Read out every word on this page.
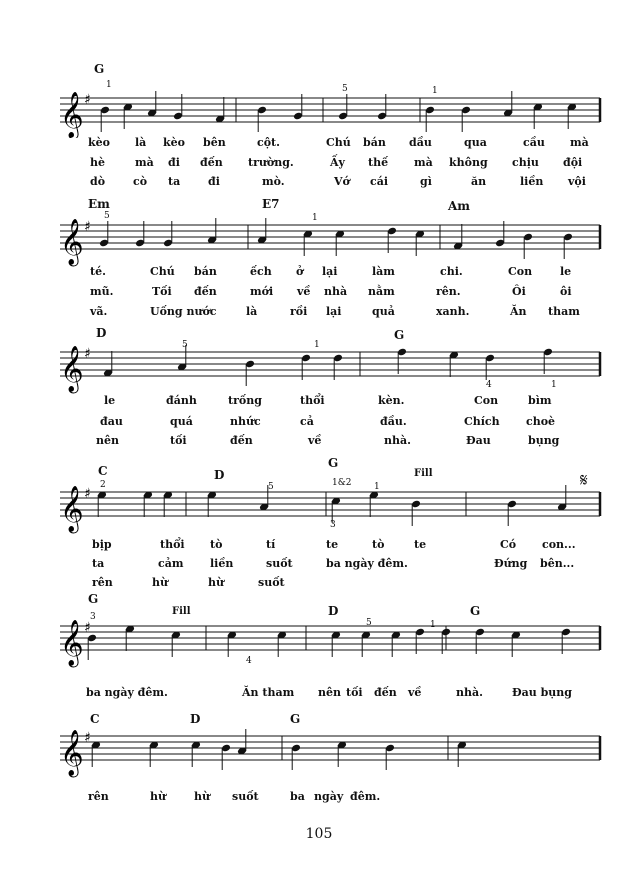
𝄞 ♯
G
1	5	1
kèo là kèo bên	cột.	Chú bán dầu	qua	cầu mà
hè	mà đi đến trường.	Ấy thế mà không chịu đội
dò	cò ta	đi	mò.	Vớ cái	gì	ăn	liền vội
𝄞 ♯
Em	E7	Am
5	1
té.	Chú bán	ếch ở lại	làm	chi.	Con	le
mũ.	Tối đến	mới về nhà nằm	rên.	Ôi	ôi
vã.	Uống nước	là	rồi lại	quả	xanh.	Ăn tham
𝄞 ♯
D	G
5	1
4	1
le	đánh	trống	thổi	kèn.	Con	bìm
đau	quá	nhức	cả	đầu.	Chích choè
nên	tối	đến	về	nhà.	Đau	bụng
𝄞 ♯
C	D
G
1&2
Fill	𝄋
2	5	1
3
bịp	thổi tò	tí	te	tò	te	Có con...
ta	cảm liền	suốt	ba ngày đêm.	Đứng bên...
rên	hừ	hừ	suốt
𝄞 ♯
G
D	G
Fill
3
4
5	1
ba ngày đêm.	Ăn tham nên tối đến về	nhà.	Đau bụng
𝄞 ♯
C	D	G
rên	hừ	hừ suốt	ba ngày đêm.
105
